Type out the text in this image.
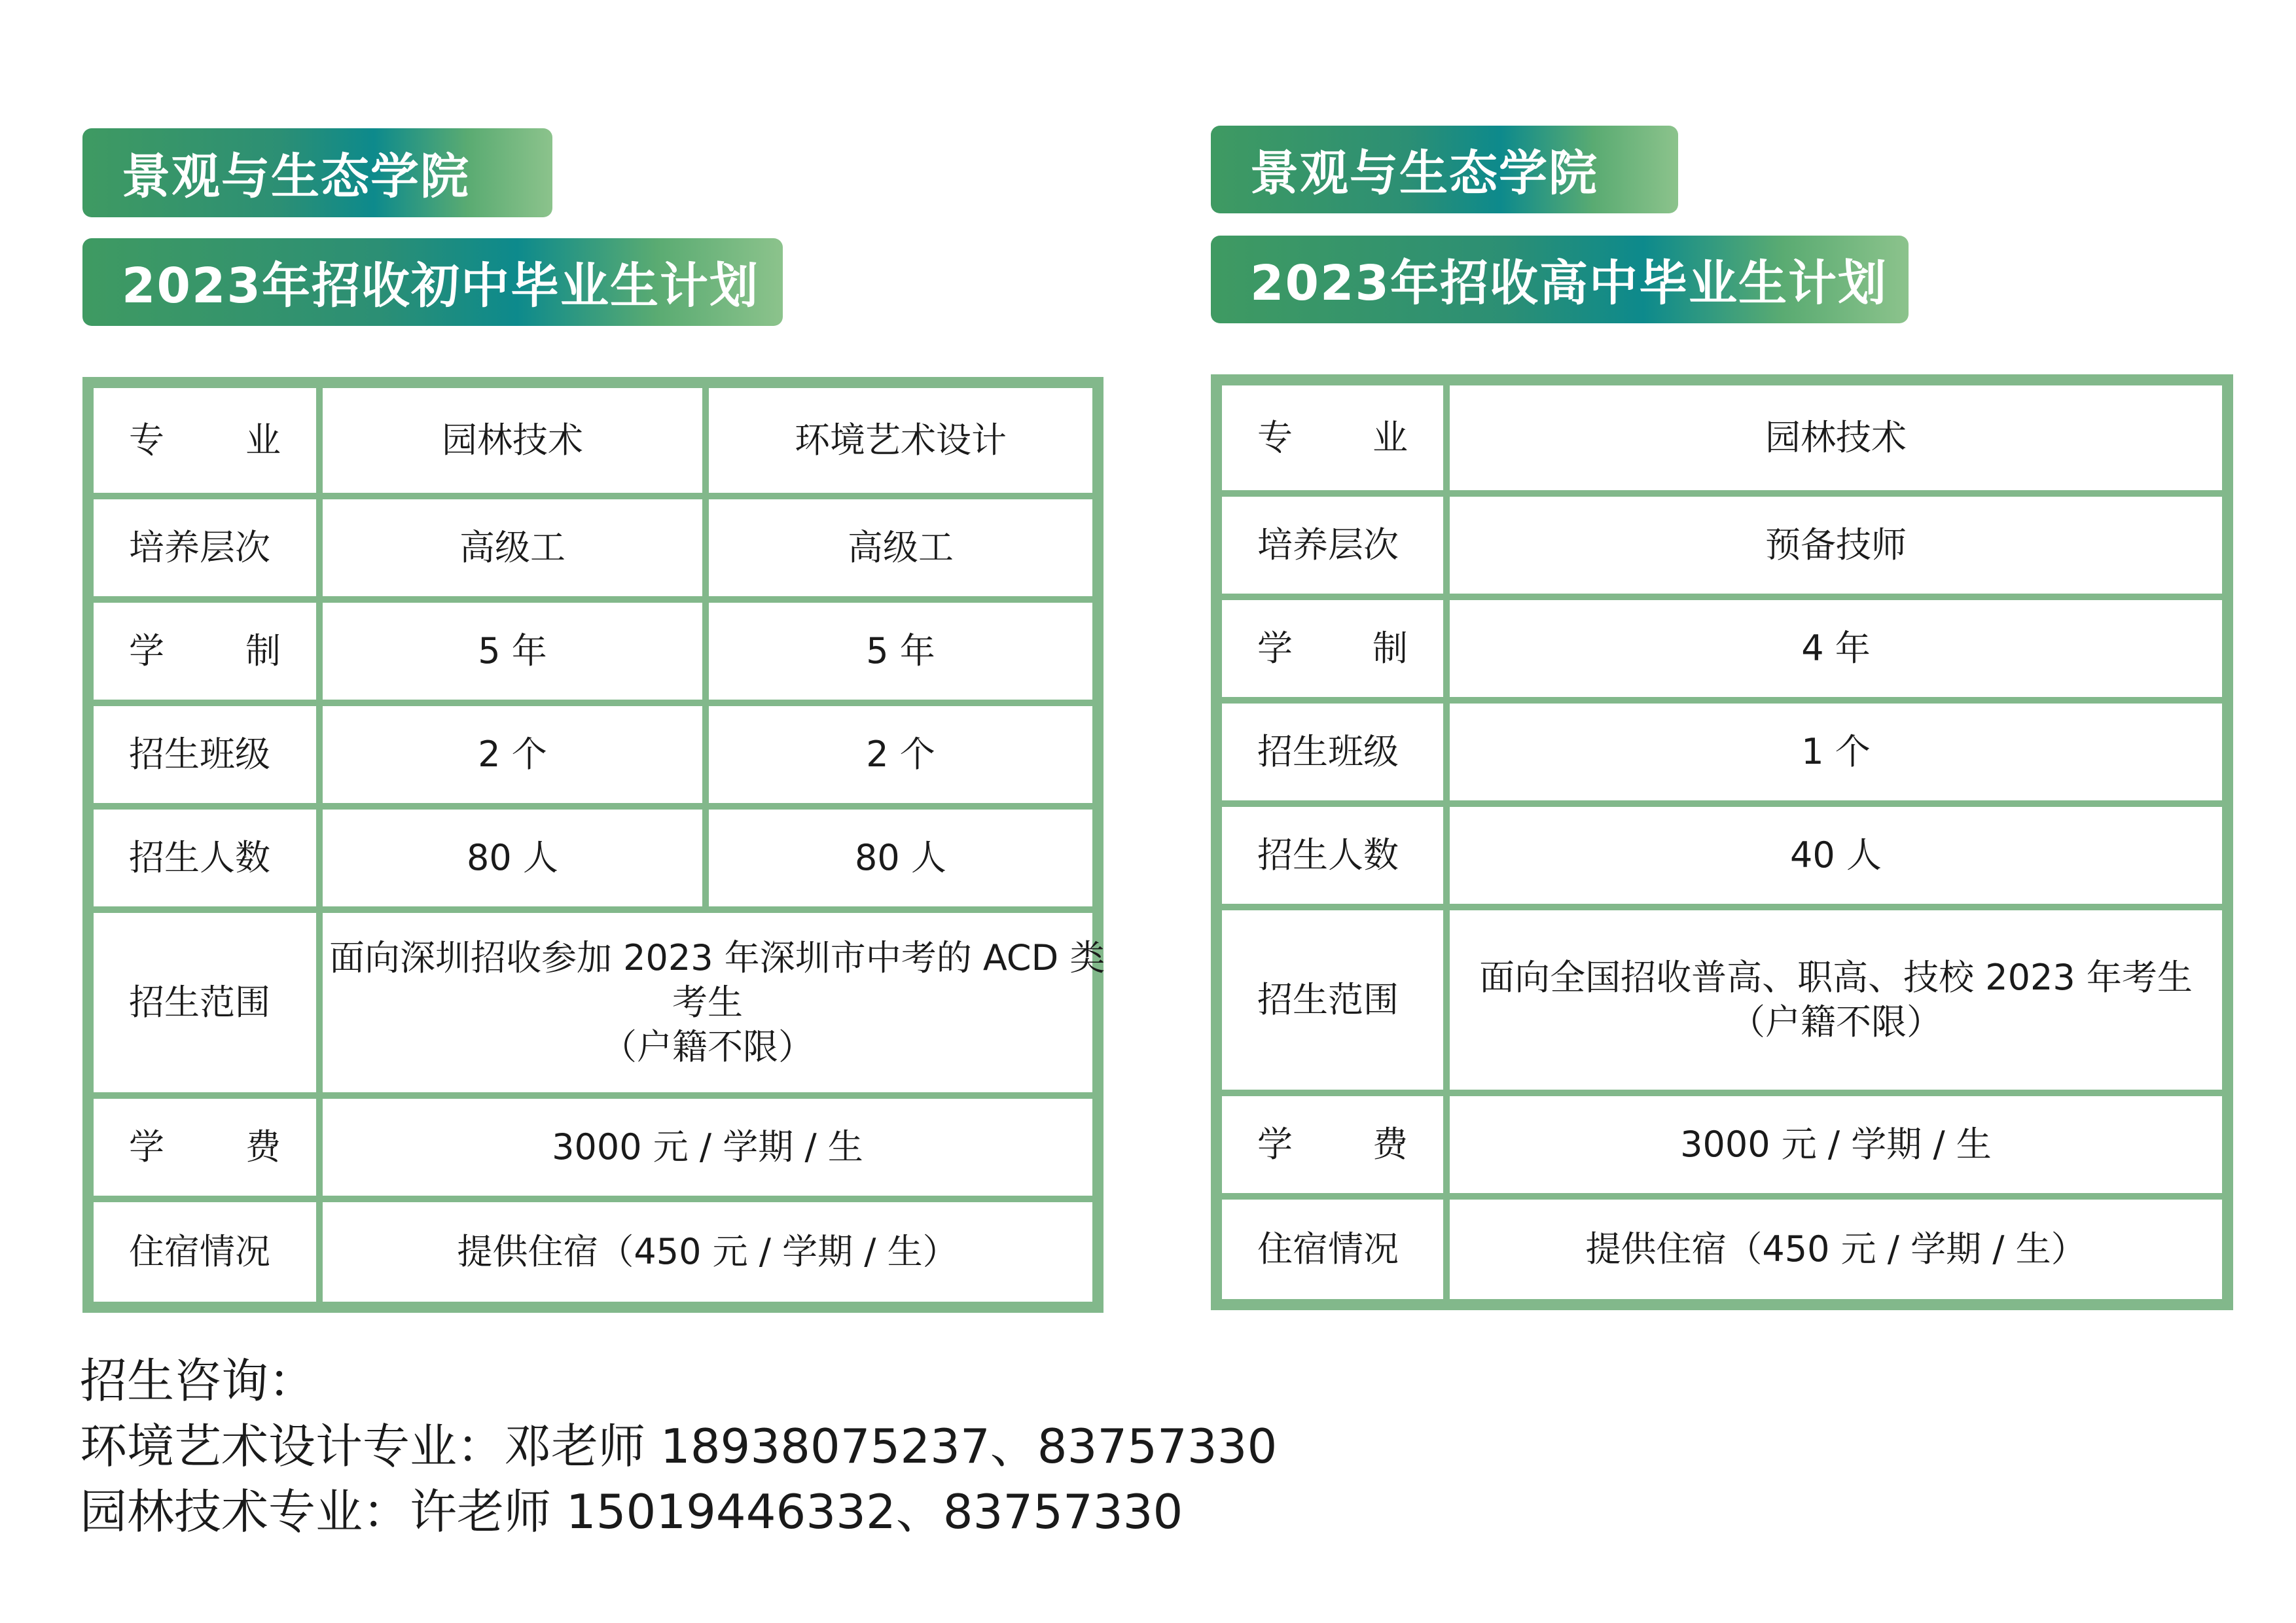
景观与生态学院
2023年招收初中毕业生计划
专 业	园林技术	环境艺术设计
培养层次	高级工	高级工

学 制	5 年	5 年
招生班级	2 个	2 个
招生人数	80 人	80 人
招生范围	面向深圳招收参加 2023 年深圳市中考的 ACD 类
考生
（户籍不限）	

学 费	3000 元 / 学期 / 生	
住宿情况	提供住宿（450 元 / 学期 / 生）	
景观与生态学院
2023年招收高中毕业生计划
专 业	园林技术
培养层次	预备技师

学 制	4 年
招生班级	1 个
招生人数	40 人
招生范围	面向全国招收普高、职高、技校 2023 年考生
（户籍不限）

学 费	3000 元 / 学期 / 生
住宿情况	提供住宿（450 元 / 学期 / 生）
招生咨询：
环境艺术设计专业：邓老师 18938075237、83757330
园林技术专业：许老师 15019446332、83757330
